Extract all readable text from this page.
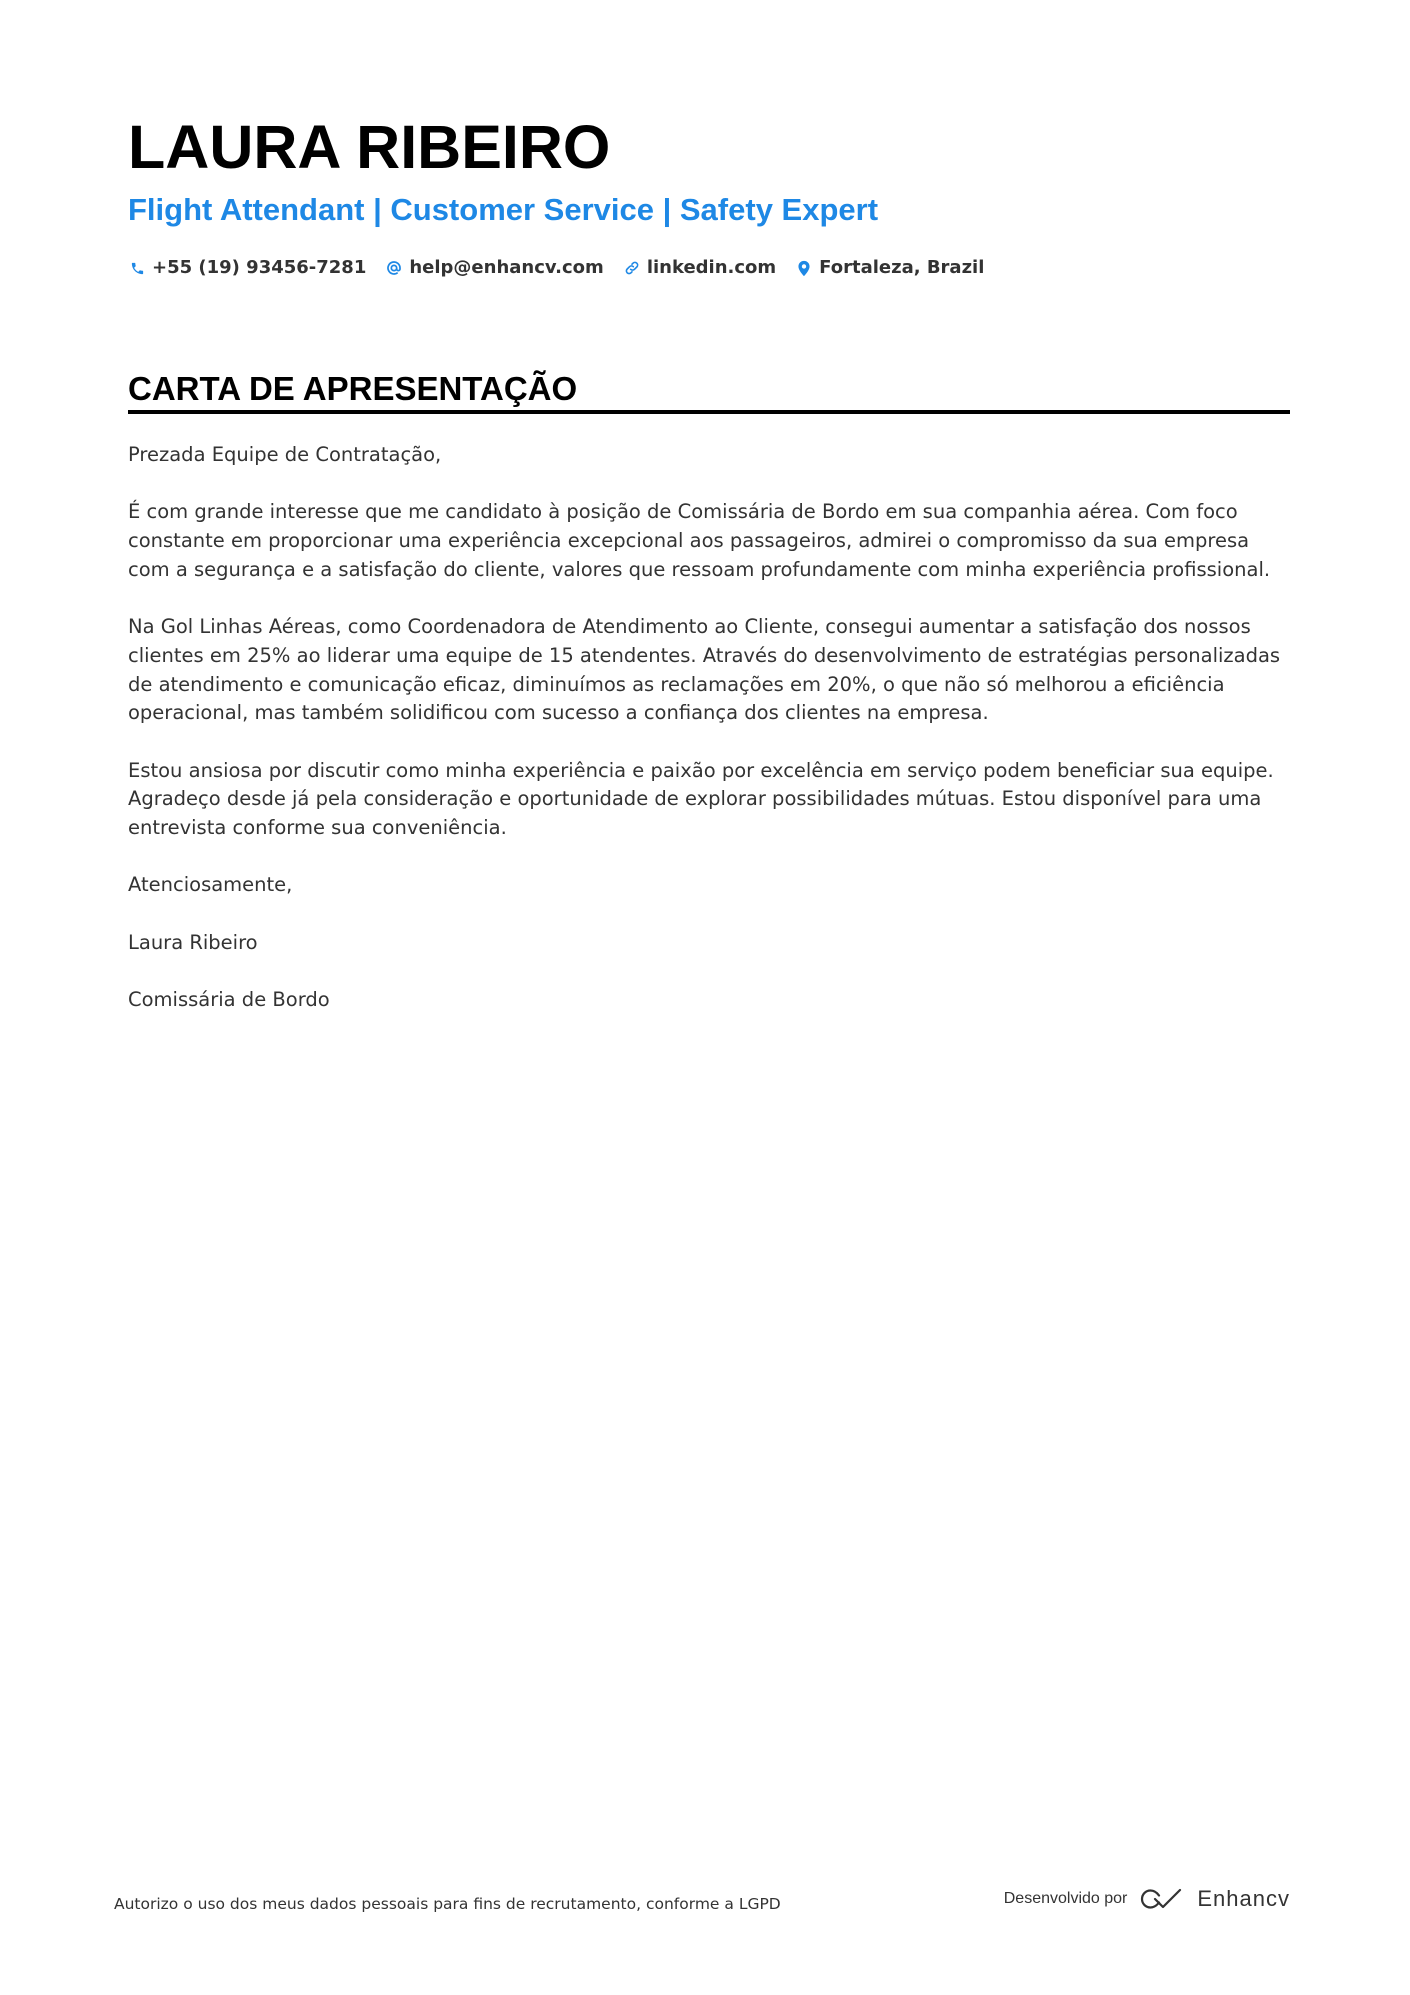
LAURA RIBEIRO
Flight Attendant | Customer Service | Safety Expert
+55 (19) 93456-7281 help@enhancv.com linkedin.com Fortaleza, Brazil
CARTA DE APRESENTAÇÃO

Prezada Equipe de Contratação,

É com grande interesse que me candidato à posição de Comissária de Bordo em sua companhia aérea. Com foco constante em proporcionar uma experiência excepcional aos passageiros, admirei o compromisso da sua empresa com a segurança e a satisfação do cliente, valores que ressoam profundamente com minha experiência profissional.

Na Gol Linhas Aéreas, como Coordenadora de Atendimento ao Cliente, consegui aumentar a satisfação dos nossos clientes em 25% ao liderar uma equipe de 15 atendentes. Através do desenvolvimento de estratégias personalizadas de atendimento e comunicação eficaz, diminuímos as reclamações em 20%, o que não só melhorou a eficiência operacional, mas também solidificou com sucesso a confiança dos clientes na empresa.

Estou ansiosa por discutir como minha experiência e paixão por excelência em serviço podem beneficiar sua equipe. Agradeço desde já pela consideração e oportunidade de explorar possibilidades mútuas. Estou disponível para uma entrevista conforme sua conveniência.

Atenciosamente,

Laura Ribeiro

Comissária de Bordo

Autorizo o uso dos meus dados pessoais para fins de recrutamento, conforme a LGPD	Desenvolvido por	Enhancv
